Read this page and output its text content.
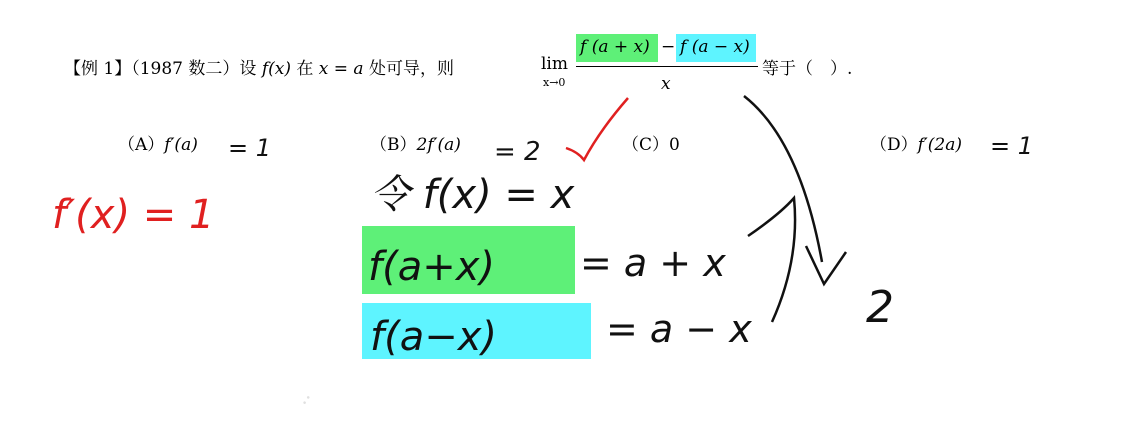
【例 1】（1987 数二）设 f(x) 在 x = a 处可导，则	lim
x→0
f (a + x) − f (a − x)
x
等于（　）.
（A）f′(a)	（B）2f′(a)	（C）0	（D）f′(2a)
··
= 1	= 2	= 1
f′(x) = 1	令 f(x) = x
f(a+x) = a + x
f(a−x)	= a − x	2
